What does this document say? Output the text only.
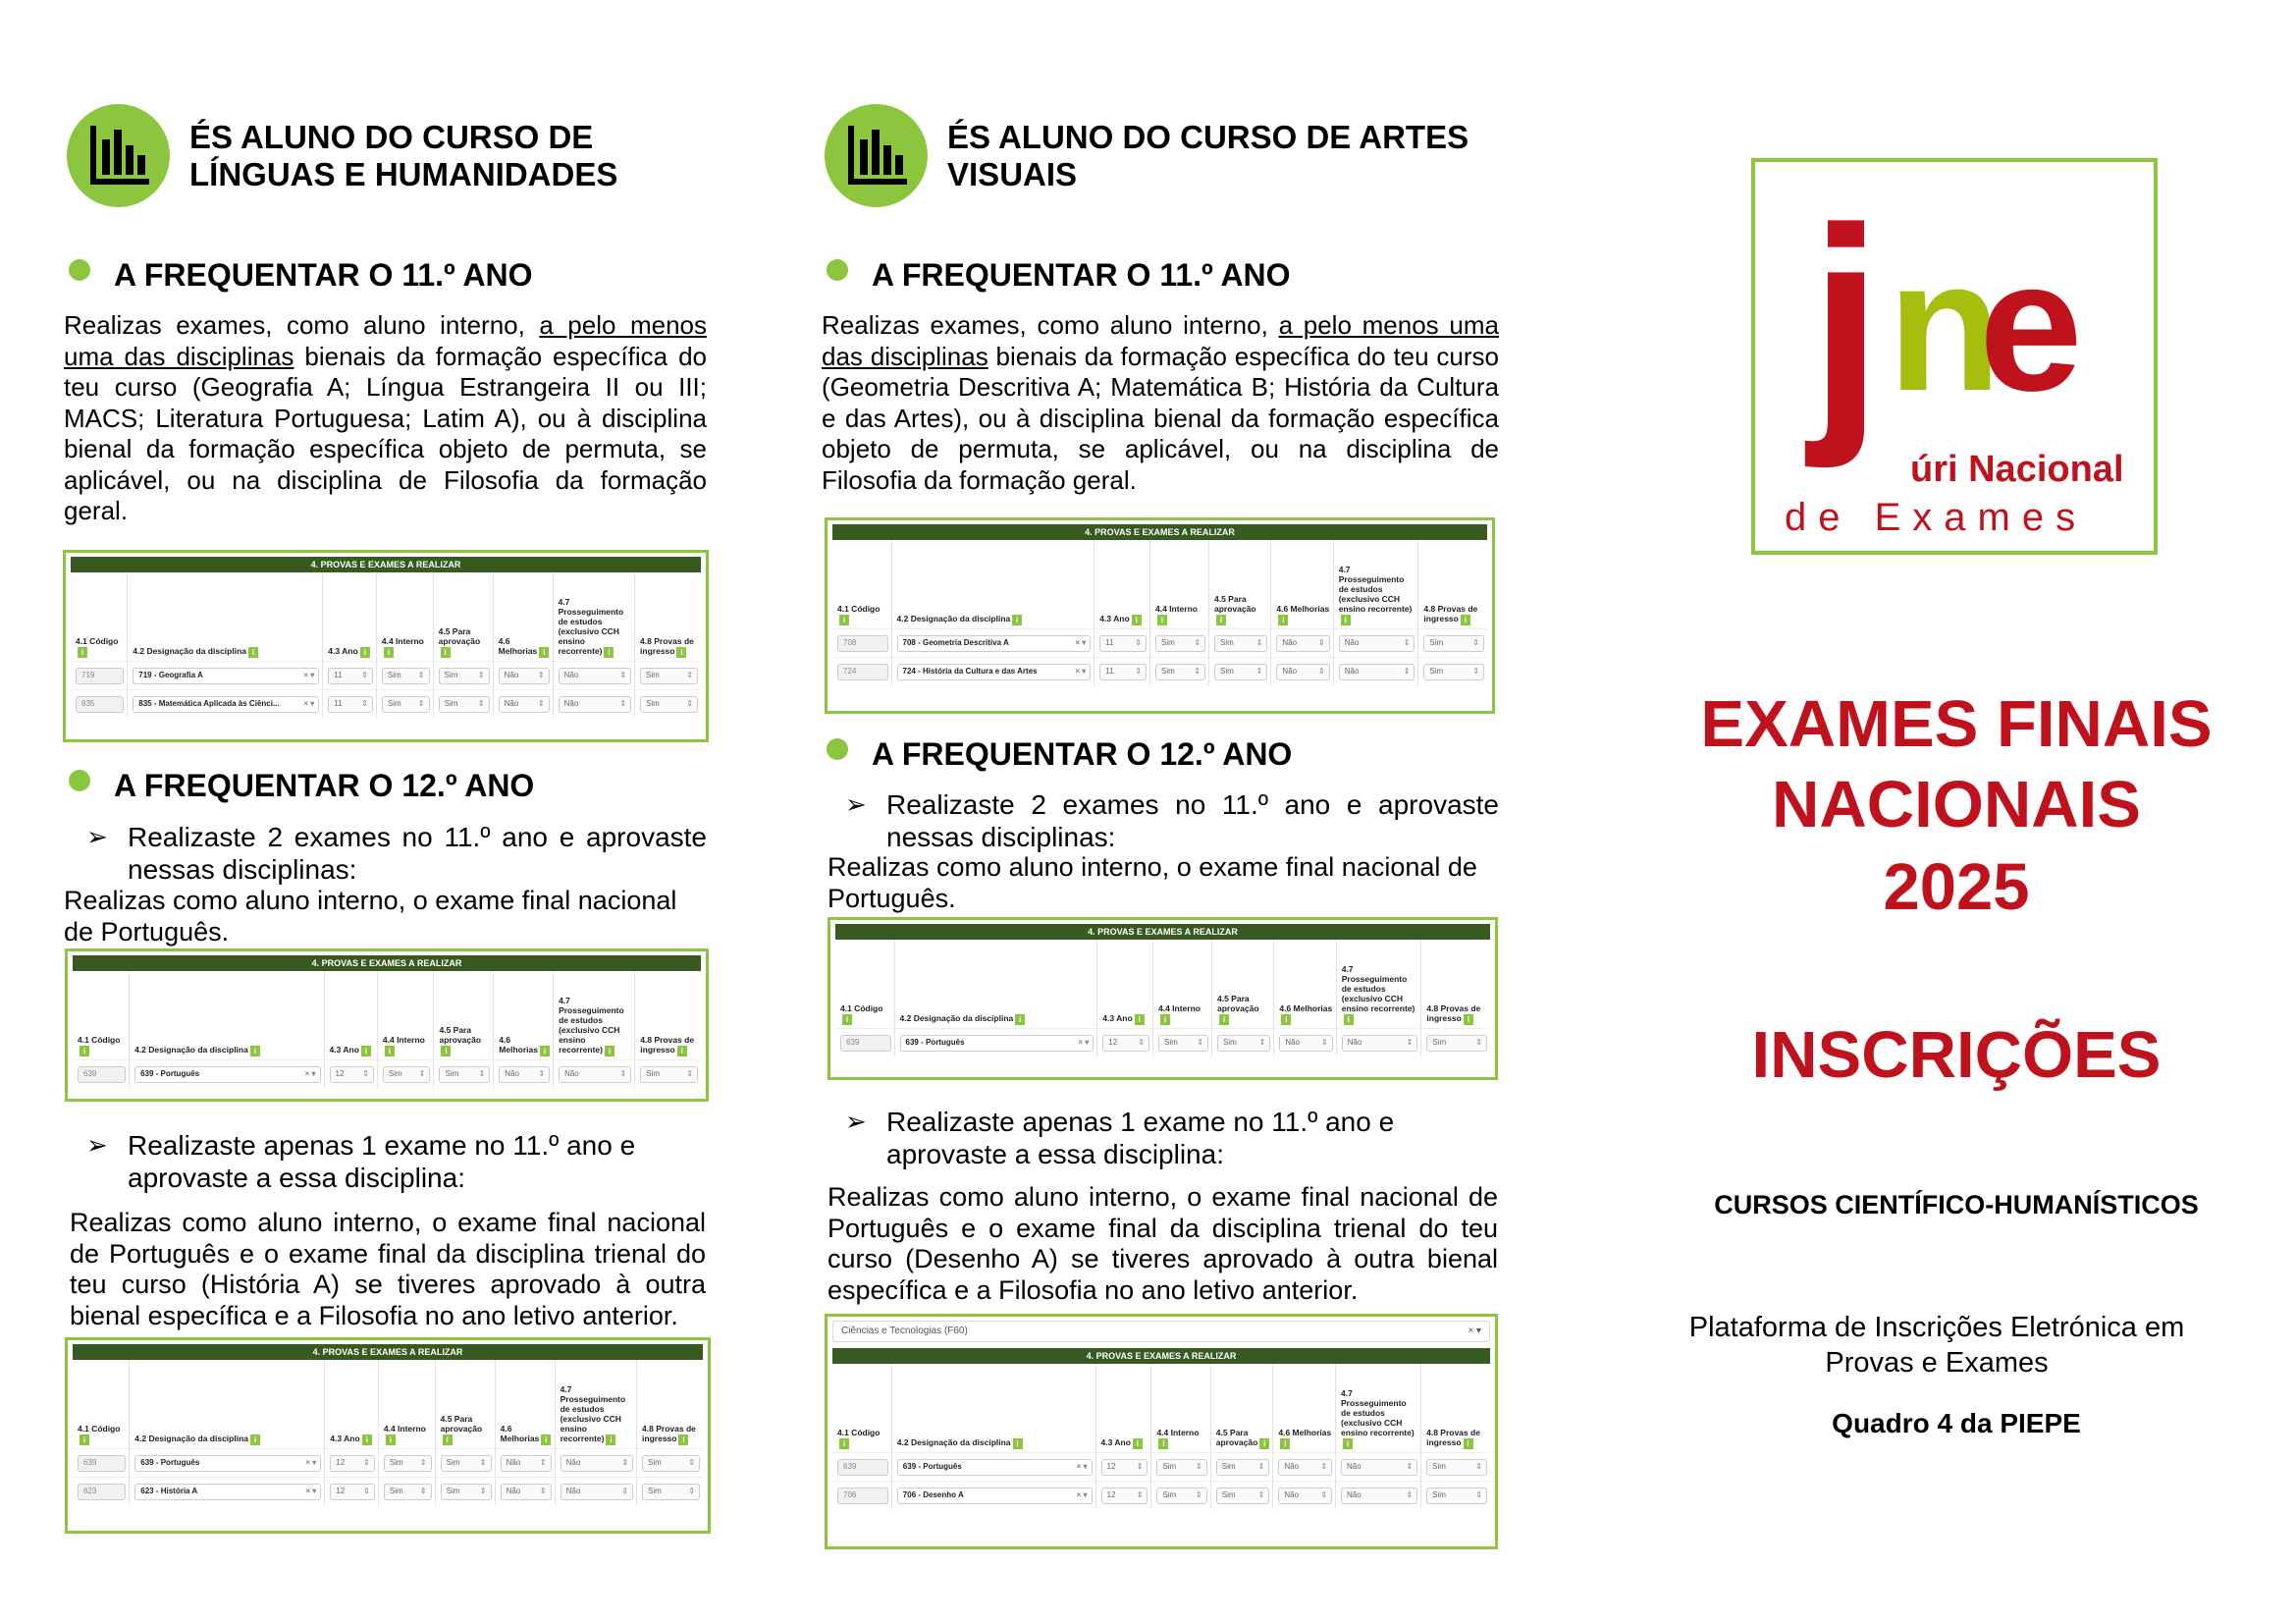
ÉS ALUNO DO CURSO DE
LÍNGUAS E HUMANIDADES
A FREQUENTAR O 11.º ANO

Realizas exames, como aluno interno, a pelo menos uma das disciplinas bienais da formação específica do teu curso (Geografia A; Língua Estrangeira II ou III; MACS; Literatura Portuguesa; Latim A), ou à disciplina bienal da formação específica objeto de permuta, se aplicável, ou na disciplina de Filosofia da formação geral.

4. PROVAS E EXAMES A REALIZAR
4.1 Códigoi	4.2 Designação da disciplina i	4.3 Ano i	4.4 Internoi	4.5 Para aprovaçãoi	4.6 Melhorias i	4.7 Prosseguimento de estudos (exclusivo CCH ensino recorrente) i	4.8 Provas de ingresso i

719	719 - Geografia A × ▾	11 ⇕	Sim ⇕	Sim ⇕	Não ⇕	Não ⇕	Sim ⇕

835	835 - Matemática Aplicada às Ciênci... × ▾	11 ⇕	Sim ⇕	Sim ⇕	Não ⇕	Não ⇕	Sim ⇕
A FREQUENTAR O 12.º ANO
➢ Realizaste 2 exames no 11.º ano e aprovaste nessas disciplinas:

Realizas como aluno interno, o exame final nacional de Português.

4. PROVAS E EXAMES A REALIZAR
4.1 Códigoi	4.2 Designação da disciplina i	4.3 Ano i	4.4 Internoi	4.5 Para aprovaçãoi	4.6 Melhorias i	4.7 Prosseguimento de estudos (exclusivo CCH ensino recorrente) i	4.8 Provas de ingresso i

639	639 - Português × ▾	12 ⇕	Sim ⇕	Sim ⇕	Não ⇕	Não ⇕	Sim ⇕
➢ Realizaste apenas 1 exame no 11.º ano e aprovaste a essa disciplina:

Realizas como aluno interno, o exame final nacional de Português e o exame final da disciplina trienal do teu curso (História A) se tiveres aprovado à outra bienal específica e a Filosofia no ano letivo anterior.

4. PROVAS E EXAMES A REALIZAR
4.1 Códigoi	4.2 Designação da disciplina i	4.3 Ano i	4.4 Internoi	4.5 Para aprovaçãoi	4.6 Melhorias i	4.7 Prosseguimento de estudos (exclusivo CCH ensino recorrente) i	4.8 Provas de ingresso i

639	639 - Português × ▾	12 ⇕	Sim ⇕	Sim ⇕	Não ⇕	Não ⇕	Sim ⇕

623	623 - História A × ▾	12 ⇕	Sim ⇕	Sim ⇕	Não ⇕	Não ⇕	Sim ⇕
ÉS ALUNO DO CURSO DE ARTES
VISUAIS
A FREQUENTAR O 11.º ANO

Realizas exames, como aluno interno, a pelo menos uma das disciplinas bienais da formação específica do teu curso (Geometria Descritiva A; Matemática B; História da Cultura e das Artes), ou à disciplina bienal da formação específica objeto de permuta, se aplicável, ou na disciplina de Filosofia da formação geral.

4. PROVAS E EXAMES A REALIZAR
4.1 Códigoi	4.2 Designação da disciplina i	4.3 Ano i	4.4 Internoi	4.5 Para aprovaçãoi	4.6 Melhoriasi	4.7 Prosseguimento de estudos (exclusivo CCH ensino recorrente)i	4.8 Provas de ingresso i

708	708 - Geometria Descritiva A × ▾	11 ⇕	Sim ⇕	Sim ⇕	Não ⇕	Não ⇕	Sim ⇕

724	724 - História da Cultura e das Artes × ▾	11 ⇕	Sim ⇕	Sim ⇕	Não ⇕	Não ⇕	Sim ⇕
A FREQUENTAR O 12.º ANO
➢ Realizaste 2 exames no 11.º ano e aprovaste nessas disciplinas:

Realizas como aluno interno, o exame final nacional de Português.

4. PROVAS E EXAMES A REALIZAR
4.1 Códigoi	4.2 Designação da disciplina i	4.3 Ano i	4.4 Internoi	4.5 Para aprovaçãoi	4.6 Melhoriasi	4.7 Prosseguimento de estudos (exclusivo CCH ensino recorrente)i	4.8 Provas de ingresso i

639	639 - Português × ▾	12 ⇕	Sim ⇕	Sim ⇕	Não ⇕	Não ⇕	Sim ⇕
➢ Realizaste apenas 1 exame no 11.º ano e aprovaste a essa disciplina:

Realizas como aluno interno, o exame final nacional de Português e o exame final da disciplina trienal do teu curso (Desenho A) se tiveres aprovado à outra bienal específica e a Filosofia no ano letivo anterior.

Ciências e Tecnologias (F60)	× ▾
4. PROVAS E EXAMES A REALIZAR
4.1 Códigoi	4.2 Designação da disciplina i	4.3 Ano i	4.4 Internoi	4.5 Para aprovação i	4.6 Melhoriasi	4.7 Prosseguimento de estudos (exclusivo CCH ensino recorrente)i	4.8 Provas de ingresso i

639	639 - Português × ▾	12 ⇕	Sim ⇕	Sim ⇕	Não ⇕	Não ⇕	Sim ⇕

706	706 - Desenho A × ▾	12 ⇕	Sim ⇕	Sim ⇕	Não ⇕	Não ⇕	Sim ⇕
j n
e
úri Nacional
de Exames
EXAMES FINAIS
NACIONAIS
2025
INSCRIÇÕES
CURSOS CIENTÍFICO-HUMANÍSTICOS
Plataforma de Inscrições Eletrónica em Provas e Exames
Quadro 4 da PIEPE
